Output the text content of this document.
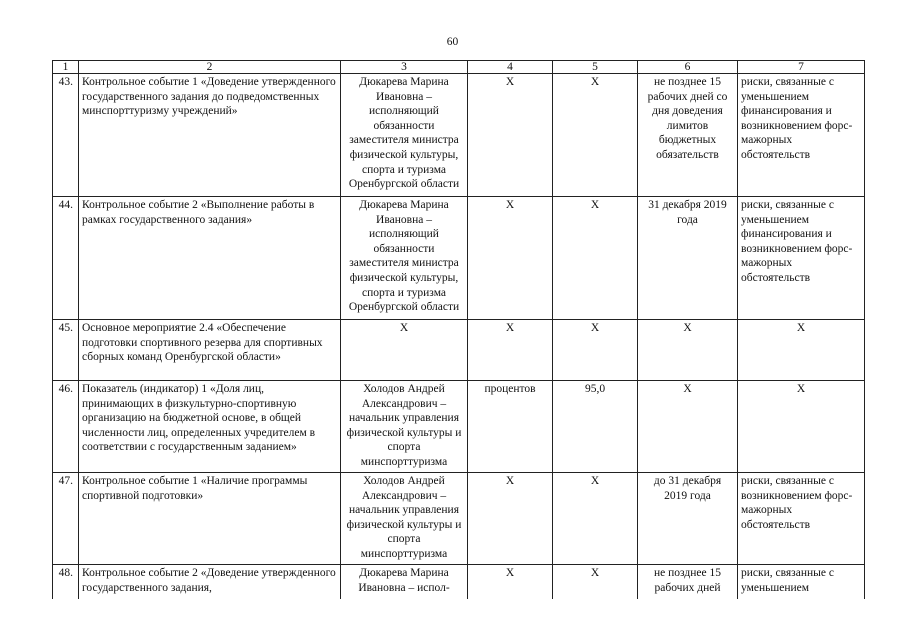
60
1	2	3	4	5	6	7
43.	Контрольное событие 1 «Доведение утвержденного государственного задания до подведомственных минспорттуризму учреждений»	Дюкарева Марина Ивановна – исполняющий обязанности заместителя министра физической культуры, спорта и туризма Оренбургской области	Х	Х	не позднее 15 рабочих дней со дня доведения лимитов бюджетных обязательств	риски, связанные с уменьшением финансирования и возникновением форс-мажорных обстоятельств
44.	Контрольное событие 2 «Выполнение работы в рамках государственного задания»	Дюкарева Марина Ивановна – исполняющий обязанности заместителя министра физической культуры, спорта и туризма Оренбургской области	Х	Х	31 декабря 2019 года	риски, связанные с уменьшением финансирования и возникновением форс-мажорных обстоятельств
45.	Основное мероприятие 2.4 «Обеспечение подготовки спортивного резерва для спортивных сборных команд Оренбургской области»	Х	Х	Х	Х	Х
46.	Показатель (индикатор) 1 «Доля лиц, принимающих в физкультурно-спортивную организацию на бюджетной основе, в общей численности лиц, определенных учредителем в соответствии с государственным заданием»	Холодов Андрей Александрович – начальник управления физической культуры и спорта минспорттуризма	процентов	95,0	Х	Х
47.	Контрольное событие 1 «Наличие программы спортивной подготовки»	Холодов Андрей Александрович – начальник управления физической культуры и спорта минспорттуризма	Х	Х	до 31 декабря 2019 года	риски, связанные с возникновением форс-мажорных обстоятельств
48.	Контрольное событие 2 «Доведение утвержденного государственного задания,	Дюкарева Марина Ивановна – испол-	Х	Х	не позднее 15 рабочих дней	риски, связанные с уменьшением
